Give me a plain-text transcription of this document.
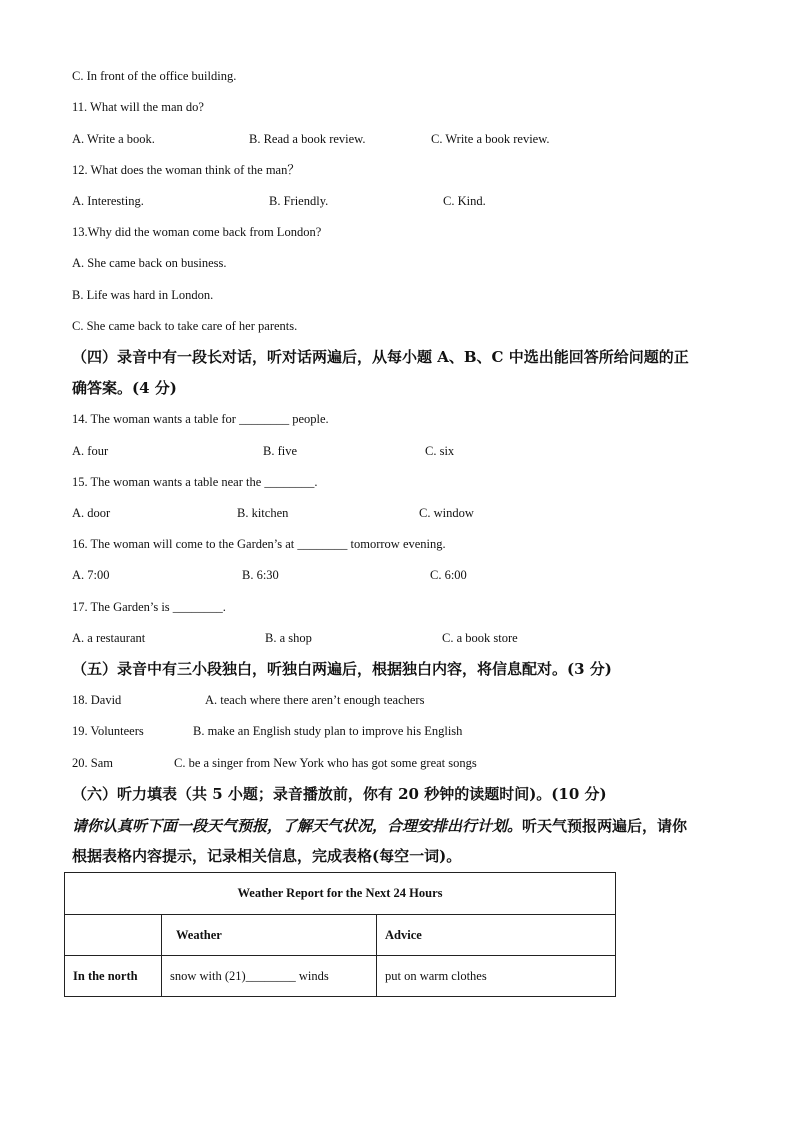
C. In front of the office building.
11. What will the man do?
A. Write a book.	B. Read a book review.	C. Write a book review.
12. What does the woman think of the man？
A. Interesting.	B. Friendly.	C. Kind.
13.Why did the woman come back from London?
A. She came back on business.
B. Life was hard in London.
C. She came back to take care of her parents.
（四）录音中有一段长对话，听对话两遍后，从每小题 A、B、C 中选出能回答所给问题的正
确答案。(4 分)
14. The woman wants a table for ________ people.
A. four	B. five	C. six
15. The woman wants a table near the ________.
A. door	B. kitchen	C. window
16. The woman will come to the Garden’s at ________ tomorrow evening.
A. 7:00	B. 6:30	C. 6:00
17. The Garden’s is ________.
A. a restaurant	B. a shop	C. a book store
（五）录音中有三小段独白，听独白两遍后，根据独白内容，将信息配对。(3 分)
18. David	A. teach where there aren’t enough teachers
19. Volunteers	B. make an English study plan to improve his English
20. Sam	C. be a singer from New York who has got some great songs
（六）听力填表（共 5 小题；录音播放前，你有 20 秒钟的读题时间)。(10 分)
请你认真听下面一段天气预报，了解天气状况，合理安排出行计划。听天气预报两遍后，请你
根据表格内容提示，记录相关信息，完成表格(每空一词)。
Weather Report for the Next 24 Hours		
	Weather	Advice
In the north	snow with (21)________ winds	put on warm clothes
